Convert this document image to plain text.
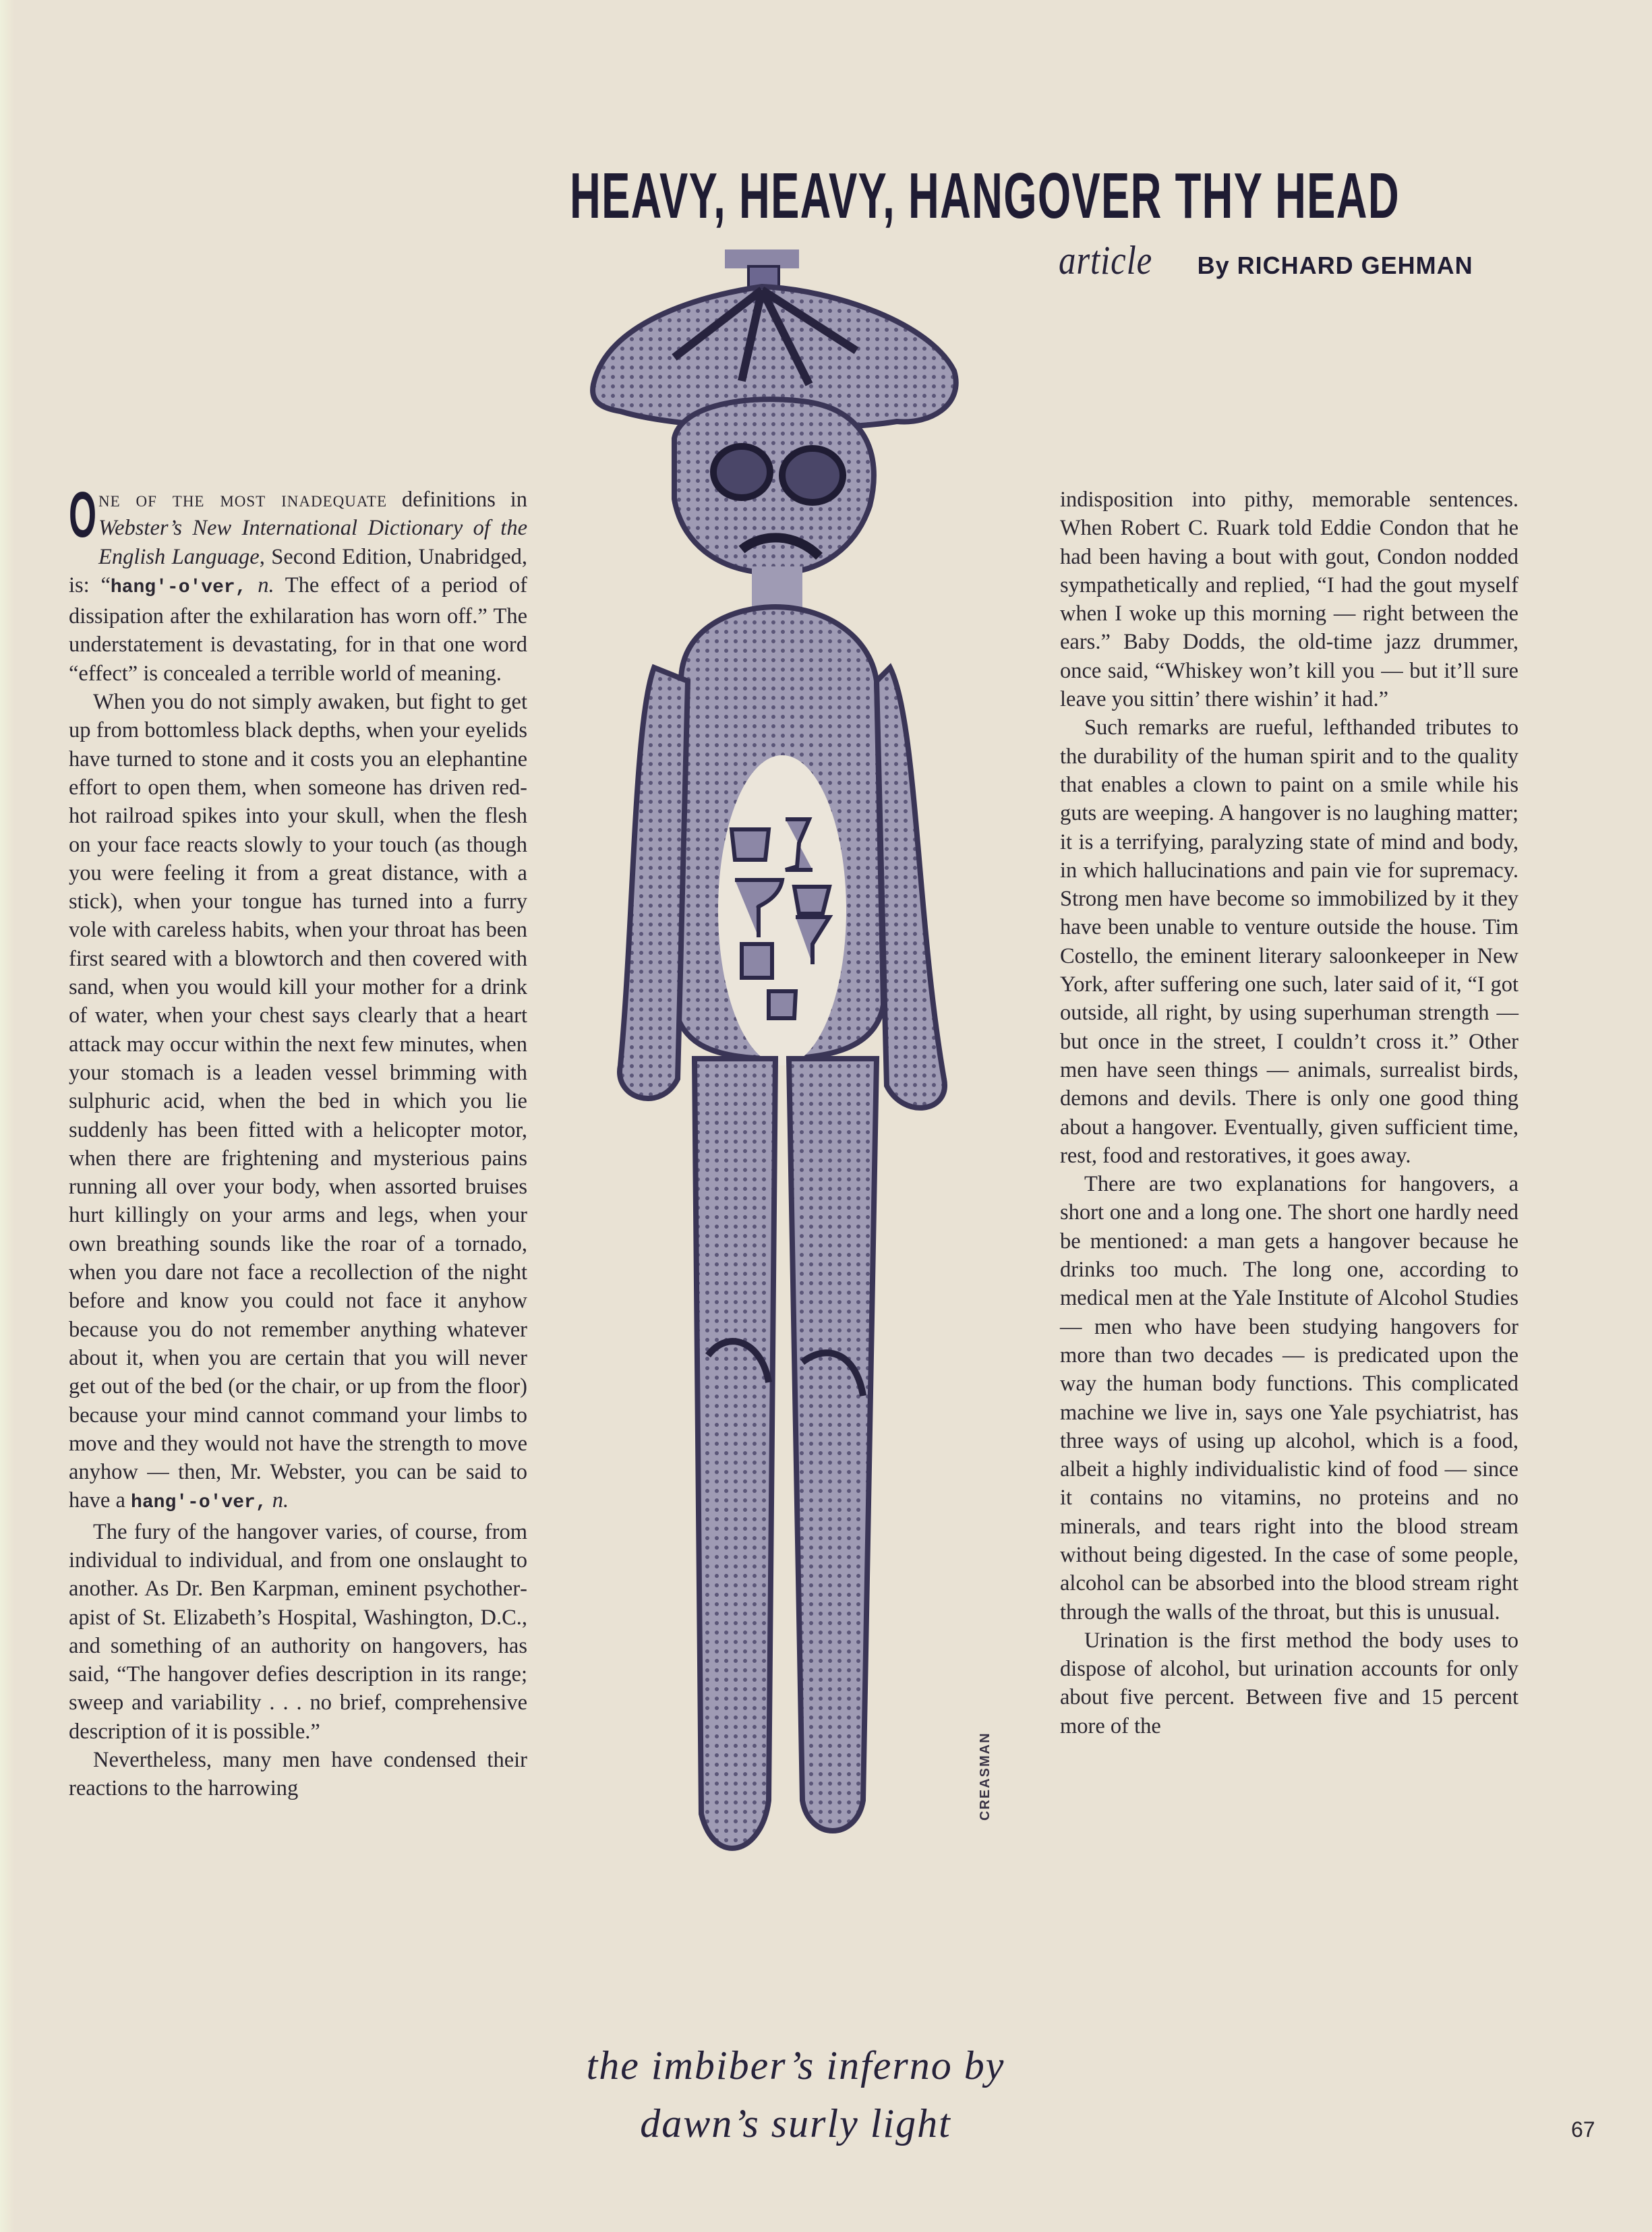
HEAVY, HEAVY, HANGOVER THY HEAD
article By RICHARD GEHMAN

One of the most inadequate definitions in Webster’s New International Dictionary of the English Language, Second Edition, Unabridged, is: “hang′-o′ver, n. The effect of a period of dissipation after the exhilaration has worn off.” The understatement is devastating, for in that one word “effect” is concealed a terrible world of meaning.

When you do not simply awaken, but fight to get up from bottomless black depths, when your eyelids have turned to stone and it costs you an elephantine effort to open them, when someone has driven red-hot railroad spikes into your skull, when the flesh on your face reacts slowly to your touch (as though you were feeling it from a great distance, with a stick), when your tongue has turned into a furry vole with careless habits, when your throat has been first seared with a blowtorch and then covered with sand, when you would kill your mother for a drink of water, when your chest says clearly that a heart attack may occur within the next few minutes, when your stomach is a leaden vessel brimming with sulphuric acid, when the bed in which you lie suddenly has been fitted with a helicopter motor, when there are frightening and mysterious pains running all over your body, when assorted bruises hurt killingly on your arms and legs, when your own breathing sounds like the roar of a tornado, when you dare not face a recollection of the night before and know you could not face it anyhow because you do not remember anything whatever about it, when you are certain that you will never get out of the bed (or the chair, or up from the floor) because your mind cannot command your limbs to move and they would not have the strength to move anyhow — then, Mr. Webster, you can be said to have a hang′-o′ver, n.

The fury of the hangover varies, of course, from individual to individual, and from one onslaught to another. As Dr. Ben Karpman, eminent psychotherapist of St. Elizabeth’s Hospital, Washington, D.C., and something of an authority on hangovers, has said, “The hangover defies description in its range; sweep and variability . . . no brief, comprehensive description of it is possible.”

Nevertheless, many men have condensed their reactions to the harrowing	CREASMAN
the imbiber’s inferno by
dawn’s surly light

indisposition into pithy, memorable sentences. When Robert C. Ruark told Eddie Condon that he had been having a bout with gout, Condon nodded sympathetically and replied, “I had the gout myself when I woke up this morning — right between the ears.” Baby Dodds, the old-time jazz drummer, once said, “Whiskey won’t kill you — but it’ll sure leave you sittin’ there wishin’ it had.”

Such remarks are rueful, lefthanded tributes to the durability of the human spirit and to the quality that enables a clown to paint on a smile while his guts are weeping. A hangover is no laughing matter; it is a terrifying, paralyzing state of mind and body, in which hallucinations and pain vie for supremacy. Strong men have become so immobilized by it they have been unable to venture outside the house. Tim Costello, the eminent literary saloonkeeper in New York, after suffering one such, later said of it, “I got outside, all right, by using superhuman strength — but once in the street, I couldn’t cross it.” Other men have seen things — animals, surrealist birds, demons and devils. There is only one good thing about a hangover. Eventually, given sufficient time, rest, food and restoratives, it goes away.

There are two explanations for hangovers, a short one and a long one. The short one hardly need be mentioned: a man gets a hangover because he drinks too much. The long one, according to medical men at the Yale Institute of Alcohol Studies — men who have been studying hangovers for more than two decades — is predicated upon the way the human body functions. This complicated machine we live in, says one Yale psychiatrist, has three ways of using up alcohol, which is a food, albeit a highly individualistic kind of food — since it contains no vitamins, no proteins and no minerals, and tears right into the blood stream without being digested. In the case of some people, alcohol can be absorbed into the blood stream right through the walls of the throat, but this is unusual.

Urination is the first method the body uses to dispose of alcohol, but urination accounts for only about five percent. Between five and 15 percent more of the

67
